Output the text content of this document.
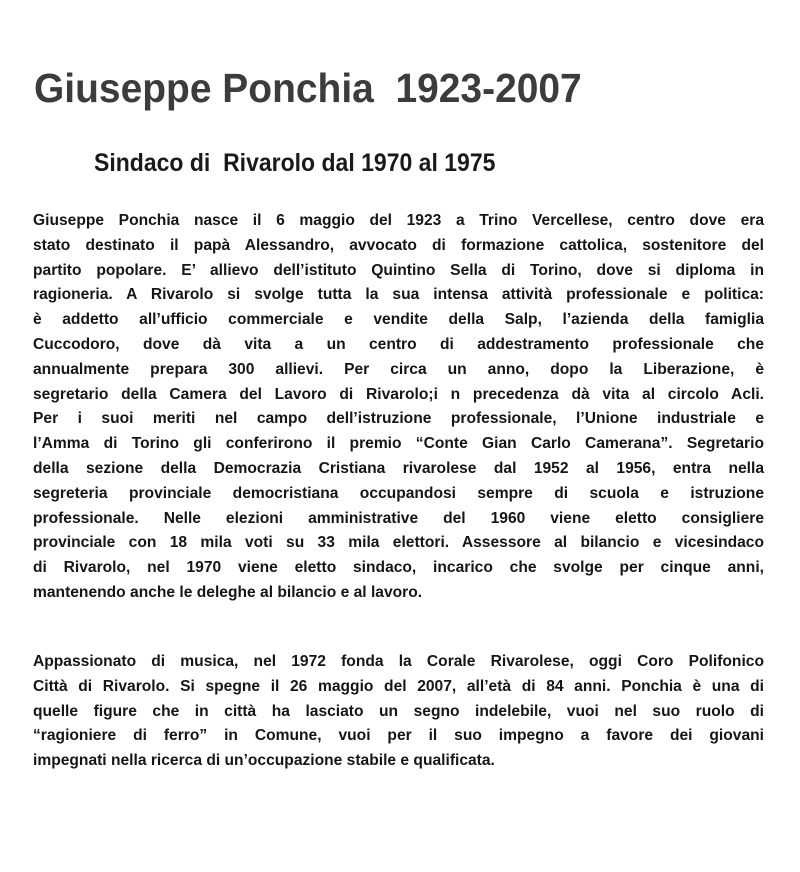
Giuseppe Ponchia  1923-2007
Sindaco di  Rivarolo dal 1970 al 1975
Giuseppe Ponchia nasce il 6 maggio del 1923 a Trino Vercellese, centro dove era
stato destinato il papà Alessandro, avvocato di formazione cattolica, sostenitore del
partito popolare. E’ allievo dell’istituto Quintino Sella di Torino, dove si diploma in
ragioneria. A Rivarolo si svolge tutta la sua intensa attività professionale e politica:
è addetto all’ufficio commerciale e vendite della Salp, l’azienda della famiglia
Cuccodoro, dove dà vita a un centro di addestramento professionale che
annualmente prepara 300 allievi. Per circa un anno, dopo la Liberazione, è
segretario della Camera del Lavoro di Rivarolo;i n precedenza dà vita al circolo Acli.
Per i suoi meriti nel campo dell’istruzione professionale, l’Unione industriale e
l’Amma di Torino gli conferirono il premio “Conte Gian Carlo Camerana”. Segretario
della sezione della Democrazia Cristiana rivarolese dal 1952 al 1956, entra nella
segreteria provinciale democristiana occupandosi sempre di scuola e istruzione
professionale. Nelle elezioni amministrative del 1960 viene eletto consigliere
provinciale con 18 mila voti su 33 mila elettori. Assessore al bilancio e vicesindaco
di Rivarolo, nel 1970 viene eletto sindaco, incarico che svolge per cinque anni,
mantenendo anche le deleghe al bilancio e al lavoro.
Appassionato di musica, nel 1972 fonda la Corale Rivarolese, oggi Coro Polifonico
Città di Rivarolo. Si spegne il 26 maggio del 2007, all’età di 84 anni. Ponchia è una di
quelle figure che in città ha lasciato un segno indelebile, vuoi nel suo ruolo di
“ragioniere di ferro” in Comune, vuoi per il suo impegno a favore dei giovani
impegnati nella ricerca di un’occupazione stabile e qualificata.
